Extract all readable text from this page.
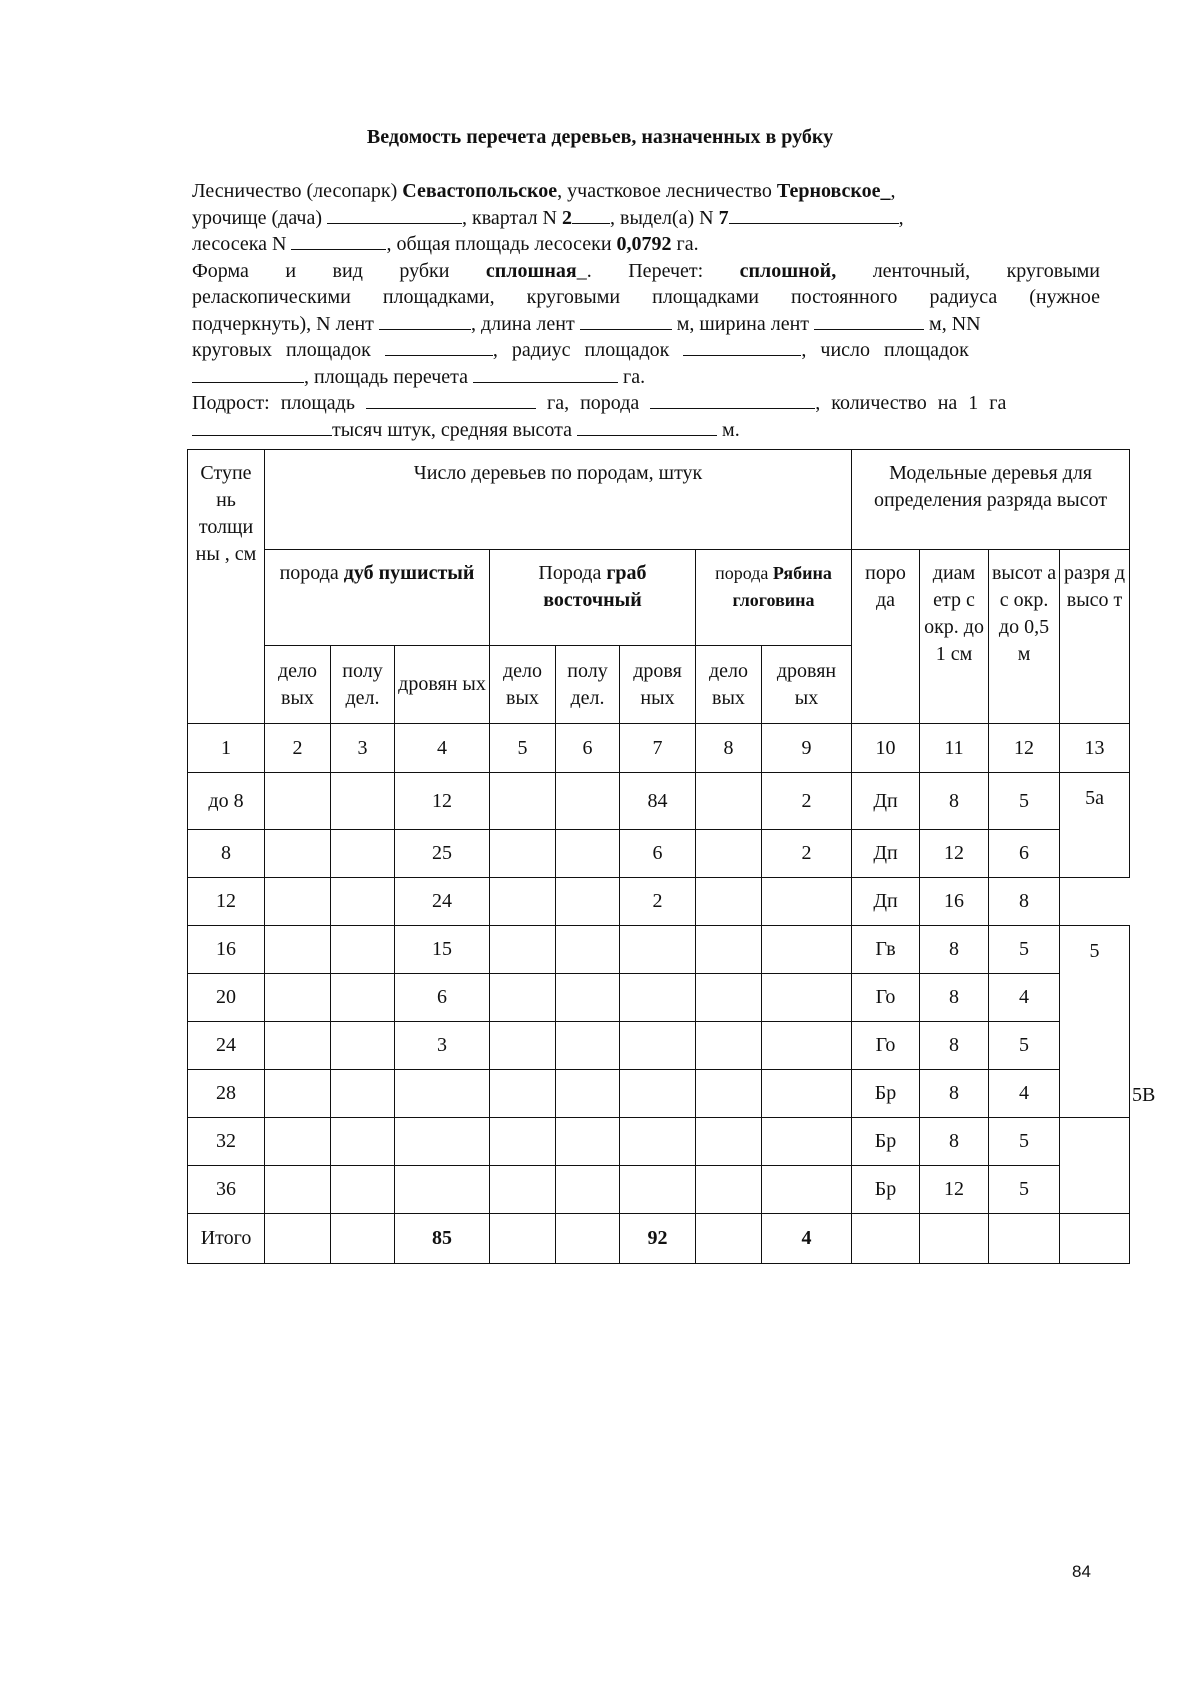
Ведомость перечета деревьев, назначенных в рубку
Лесничество (лесопарк) Севастопольское, участковое лесничество Терновское_,
урочище (дача)	, квартал N 2 , выдел(а) N 7	,
лесосека N	, общая площадь лесосеки 0,0792 га.
Форма и вид рубки сплошная_. Перечет: сплошной, ленточный, круговыми
реласкопическими площадками, круговыми площадками постоянного радиуса (нужное
подчеркнуть), N лент	, длина лент	м, ширина лент	м, NN
круговых площадок	, радиус площадок	, число площадок
, площадь перечета	га.
Подрост: площадь	га, порода	, количество на 1 га
тысяч штук, средняя высота	м.
Ступе нь толщи ны , см	Число деревьев по породам, штук								Модельные деревья для определения разряда высот				
	порода дуб пушистый			Порода граб восточный			порода Рябина глоговина		поро да	диам етр с окр. до 1 см	высот а с окр. до 0,5 м	разря д высо т	
	дело вых	полу дел.	дровян ых	дело вых	полу дел.	дровя ных	дело вых	дровян ых					
1	2	3	4	5	6	7	8	9	10	11	12	13	
до 8			12			84		2	Дп	8	5	5а	
8			25			6		2	Дп	12	6		
12			24			2			Дп	16	8		
16			15						Гв	8	5	5	
20			6						Го	8	4		
24			3						Го	8	5		
28									Бр	8	4		5В
32									Бр	8	5		
36									Бр	12	5		
Итого			85			92		4					
84
